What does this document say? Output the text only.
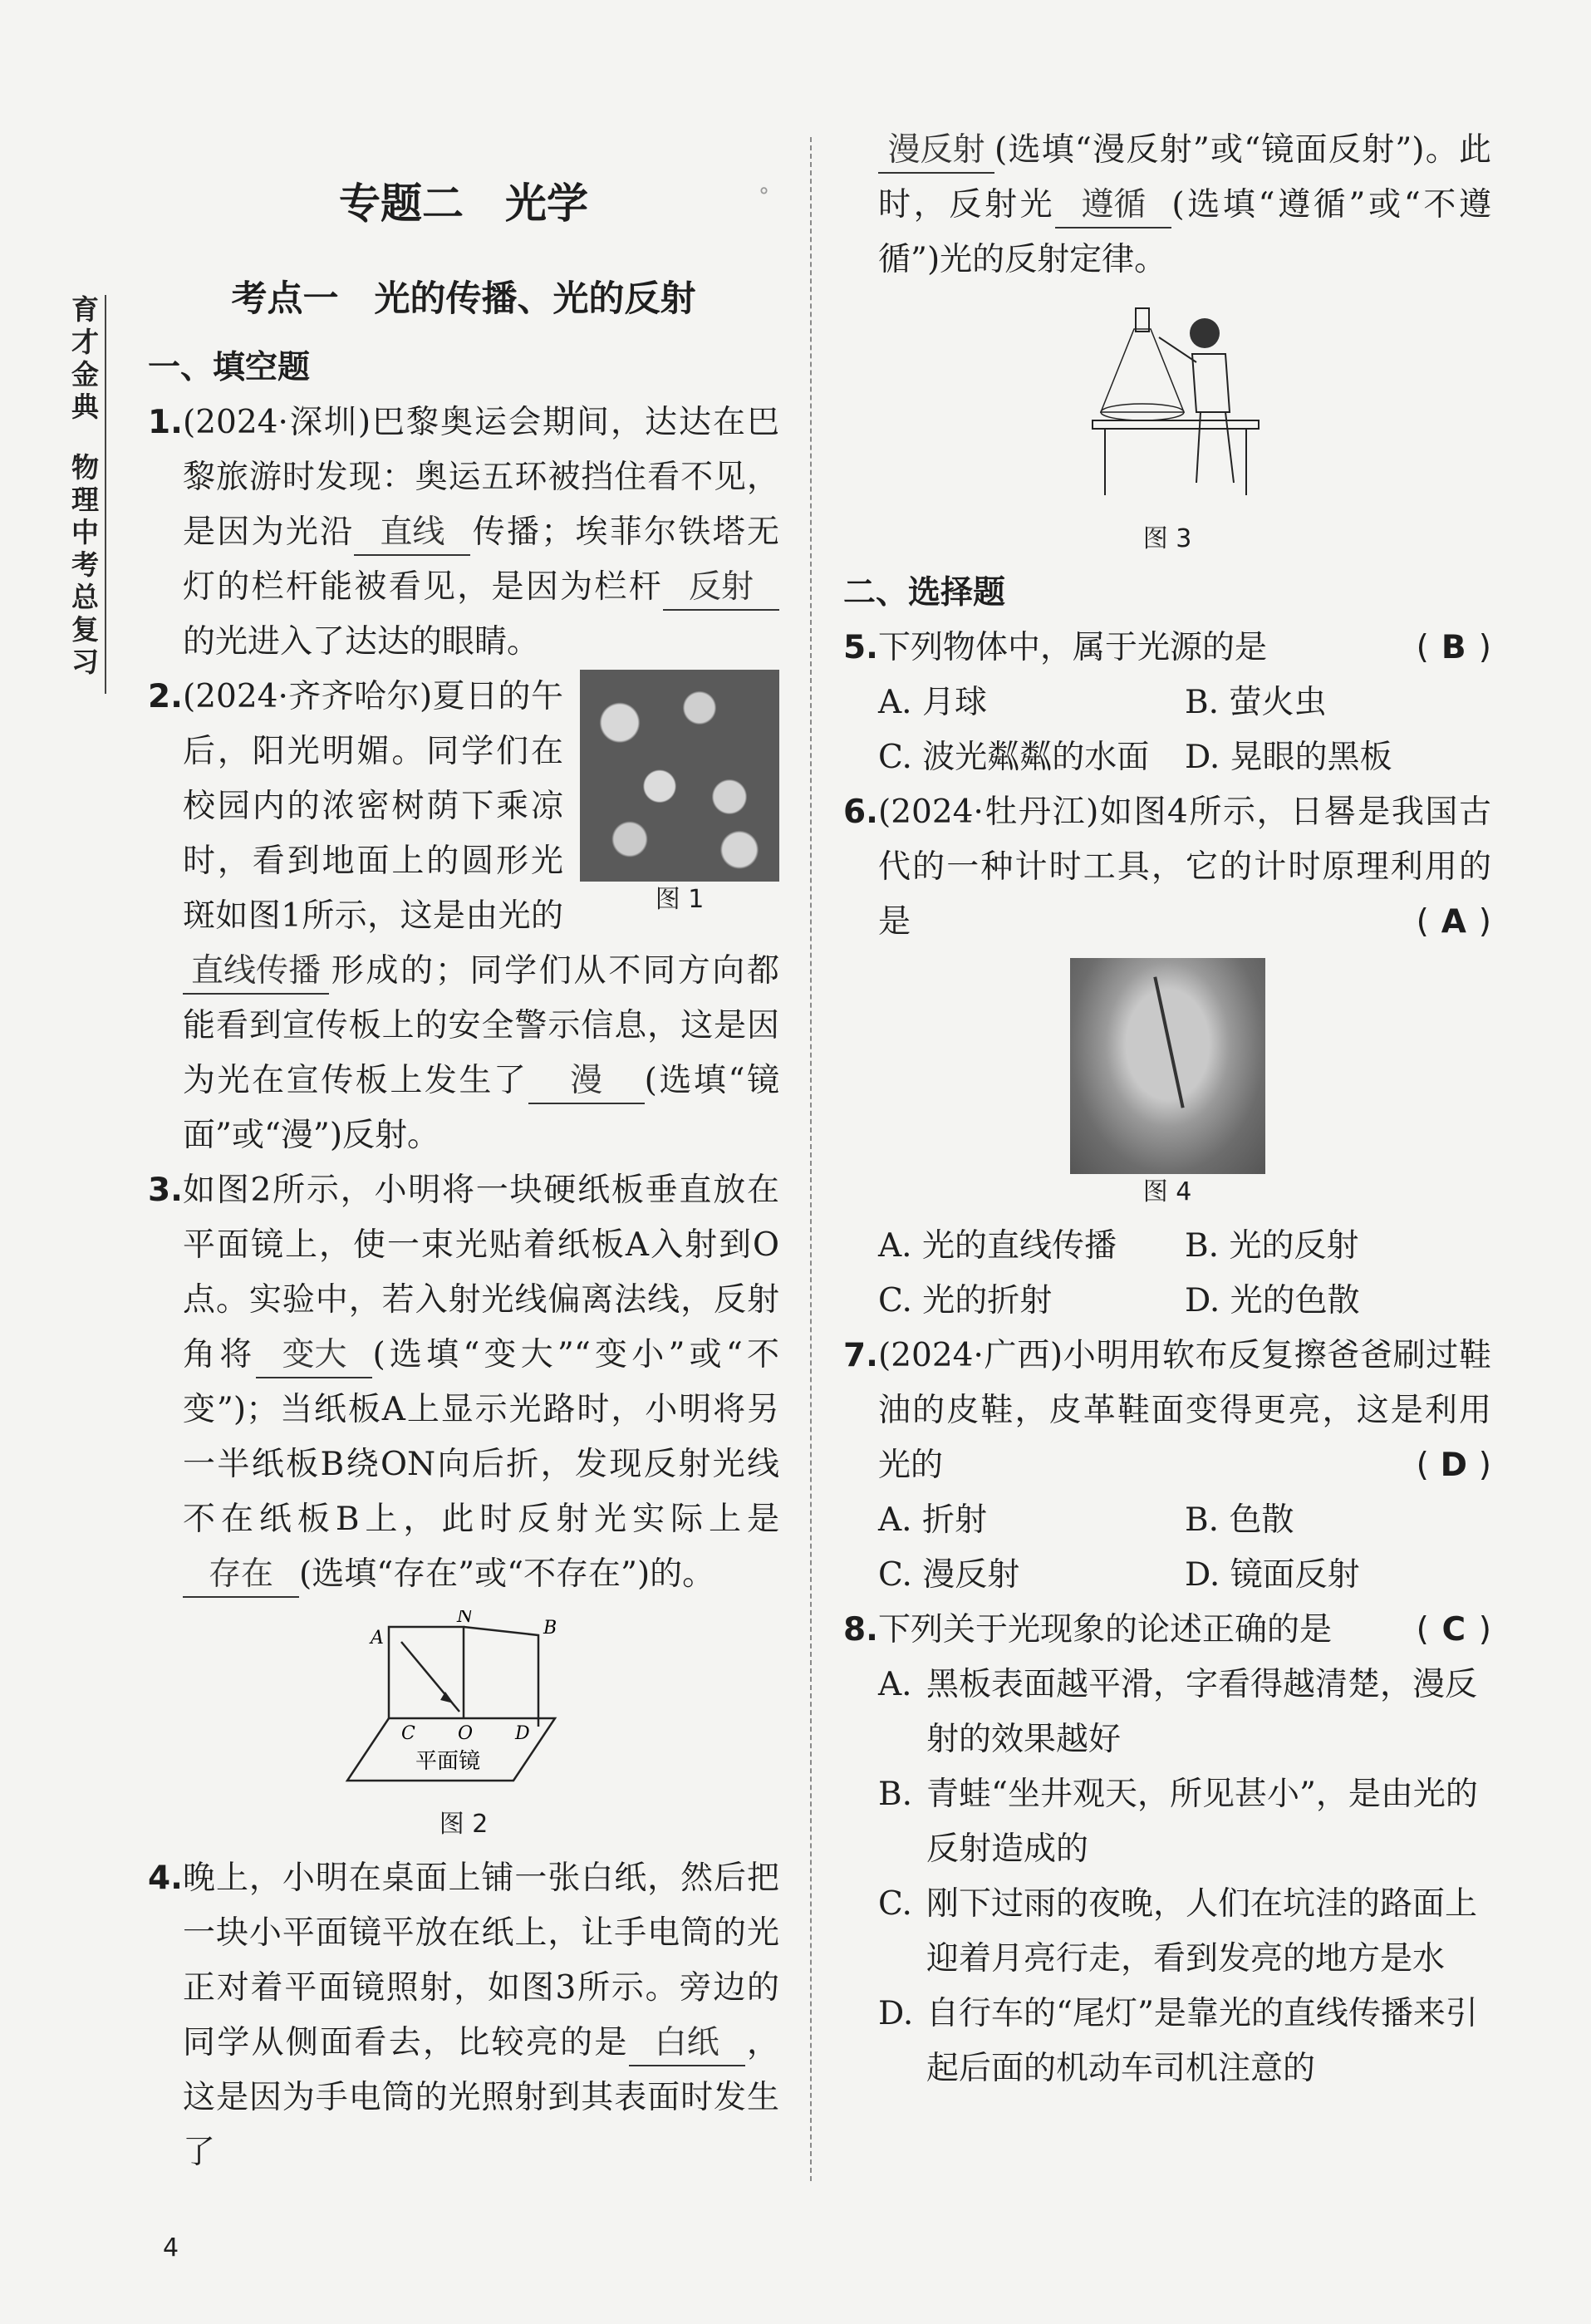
育才金典物理中考总复习
°
专题二　光学
考点一　光的传播、光的反射
一、填空题
1. (2024·深圳)巴黎奥运会期间，达达在巴黎旅游时发现：奥运五环被挡住看不见，是因为光沿 直线 传播；埃菲尔铁塔无灯的栏杆能被看见，是因为栏杆 反射的光进入了达达的眼睛。
2.
图 1
(2024·齐齐哈尔)夏日的午后，阳光明媚。同学们在校园内的浓密树荫下乘凉时，看到地面上的圆形光斑如图1所示，这是由光的直线传播 形成的；同学们从不同方向都能看到宣传板上的安全警示信息，这是因为光在宣传板上发生了 漫 (选填“镜面”或“漫”)反射。
3. 如图2所示，小明将一块硬纸板垂直放在平面镜上，使一束光贴着纸板A入射到O点。实验中，若入射光线偏离法线，反射角将 变大 (选填“变大”“变小”或“不变”)；当纸板A上显示光路时，小明将另一半纸板B绕ON向后折，发现反射光线不在纸板B上，此时反射光实际上是存在 (选填“存在”或“不存在”)的。
N
A	B
O
C	D
平面镜
图 2
4. 晚上，小明在桌面上铺一张白纸，然后把一块小平面镜平放在纸上，让手电筒的光正对着平面镜照射，如图3所示。旁边的同学从侧面看去，比较亮的是 白纸 ，这是因为手电筒的光照射到其表面时发生了
漫反射 (选填“漫反射”或“镜面反射”)。此时，反射光 遵循 (选填“遵循”或“不遵循”)光的反射定律。
图 3
二、选择题
5. 下列物体中，属于光源的是	( B )
A. 月球	B. 萤火虫
C. 波光粼粼的水面	D. 晃眼的黑板
6. (2024·牡丹江)如图4所示，日晷是我国古代的一种计时工具，它的计时原理利用的是	( A )
图 4
A. 光的直线传播	B. 光的反射
C. 光的折射	D. 光的色散
7. (2024·广西)小明用软布反复擦爸爸刷过鞋油的皮鞋，皮革鞋面变得更亮，这是利用光的	( D )
A. 折射	B. 色散
C. 漫反射	D. 镜面反射
8. 下列关于光现象的论述正确的是	( C )
A. 黑板表面越平滑，字看得越清楚，漫反射的效果越好
B. 青蛙“坐井观天，所见甚小”，是由光的反射造成的
C. 刚下过雨的夜晚，人们在坑洼的路面上迎着月亮行走，看到发亮的地方是水
D. 自行车的“尾灯”是靠光的直线传播来引起后面的机动车司机注意的
4
